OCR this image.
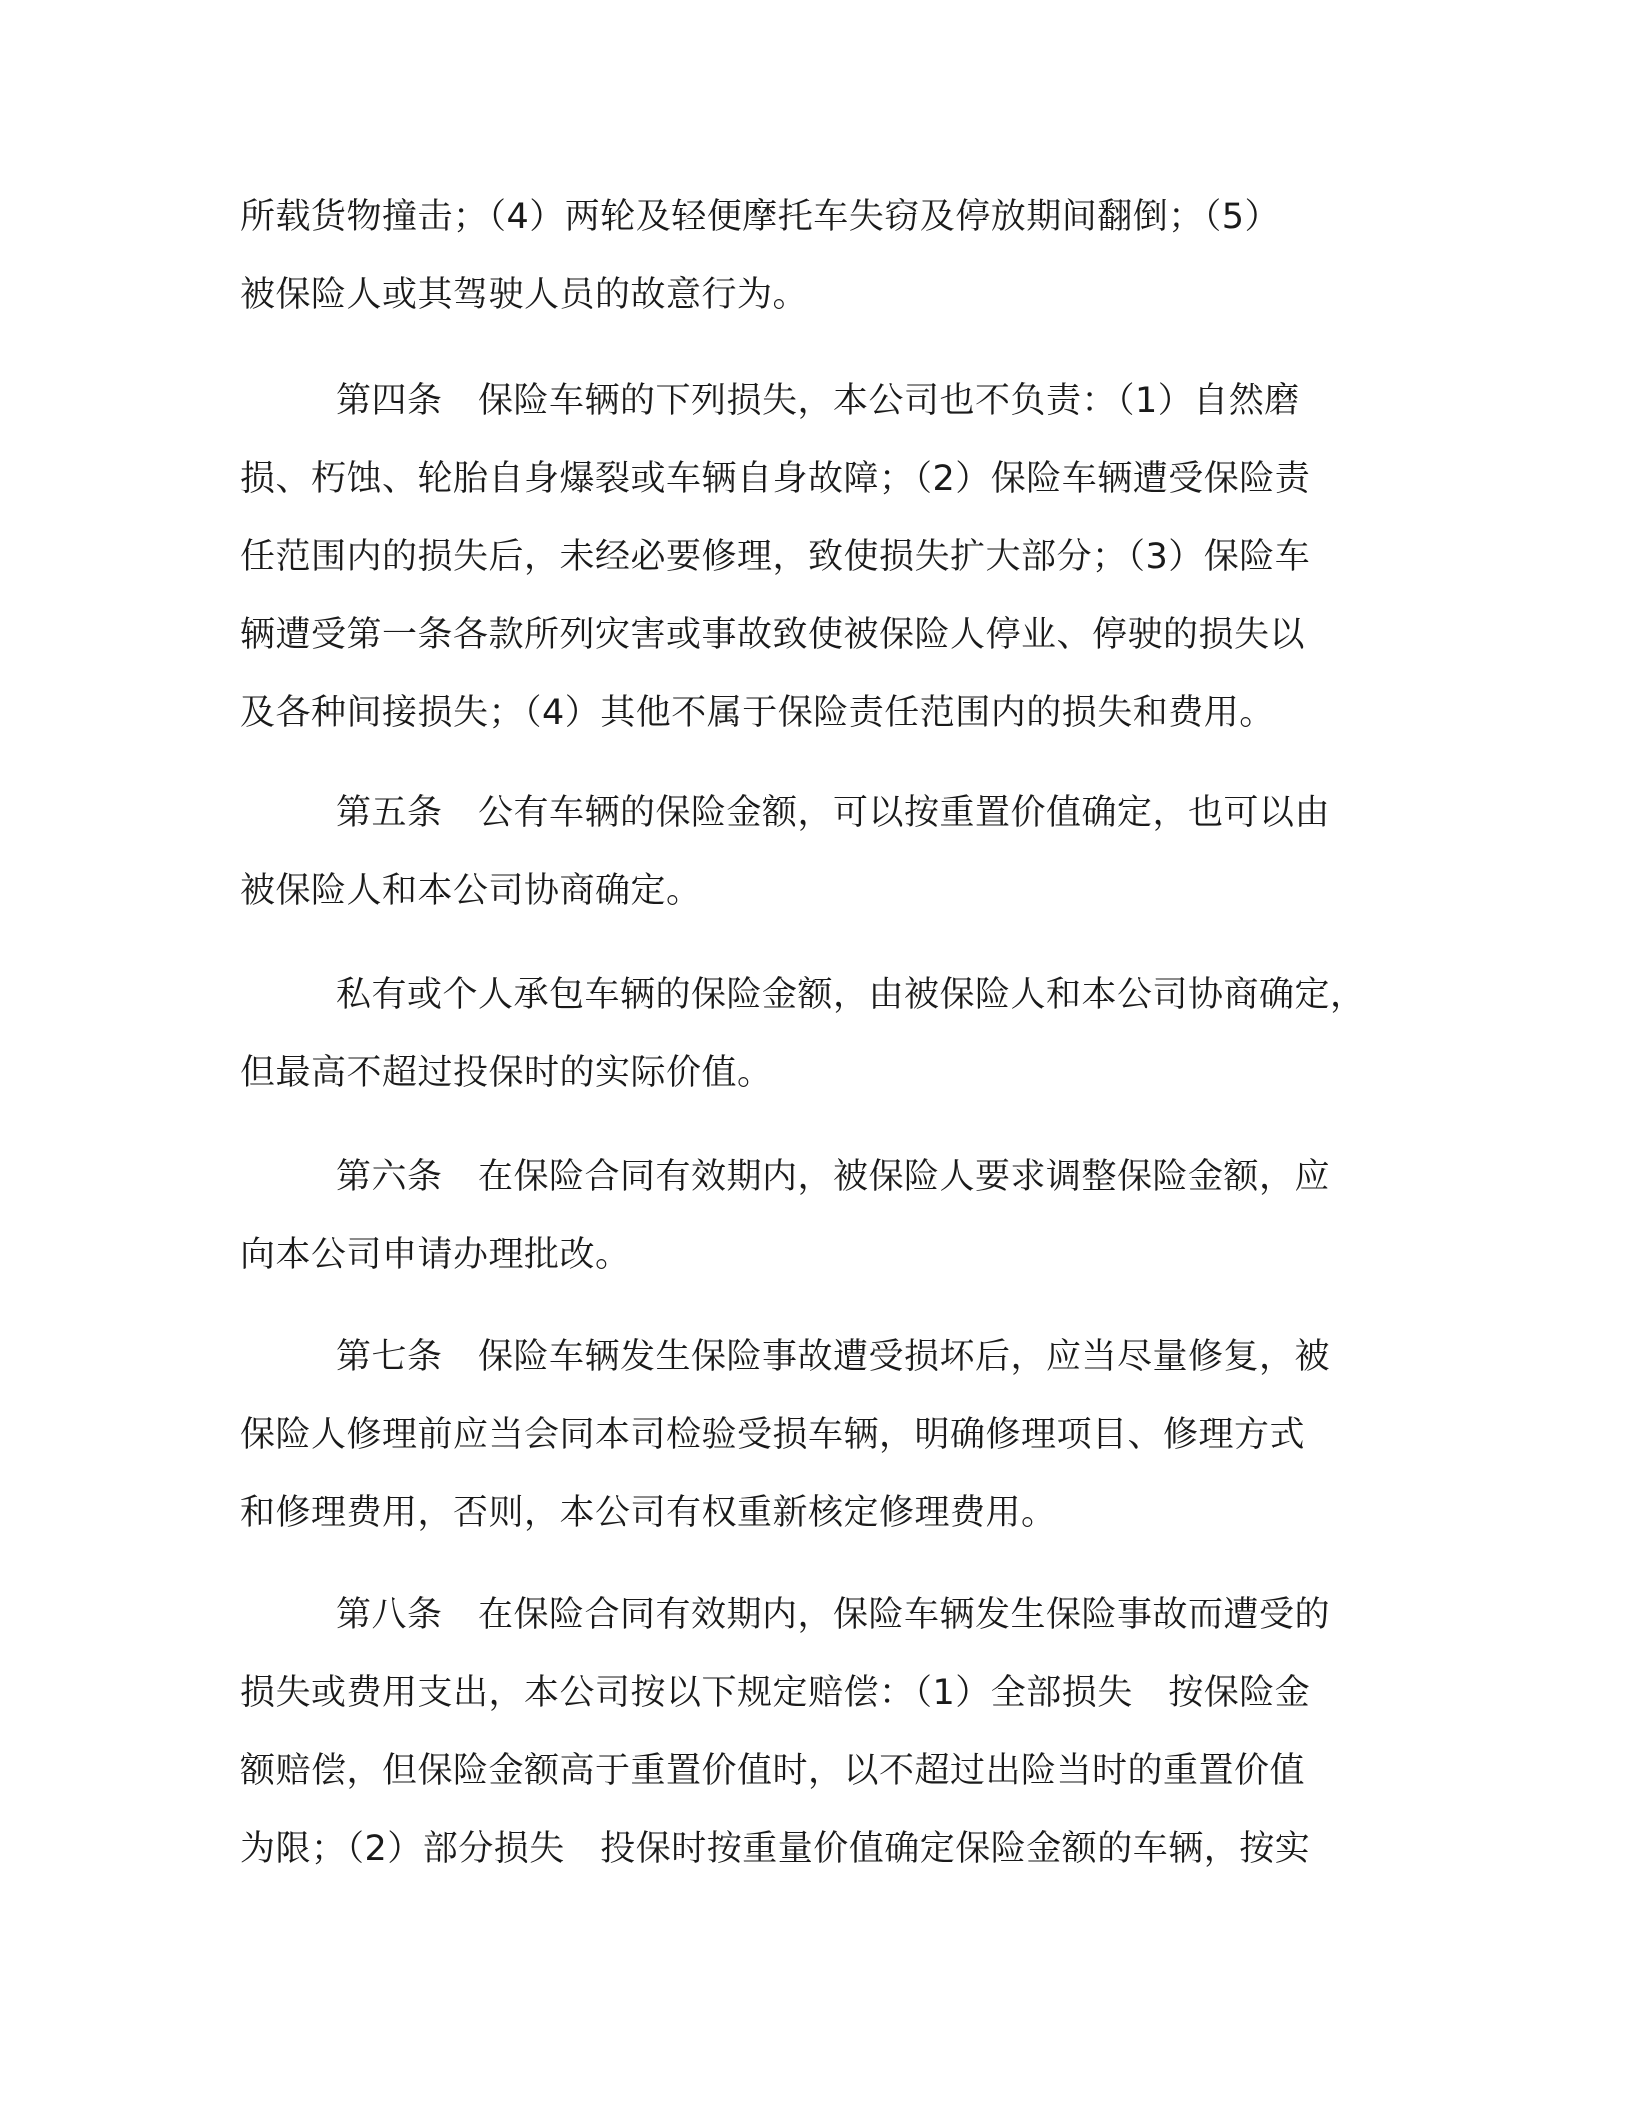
所载货物撞击；（4）两轮及轻便摩托车失窃及停放期间翻倒；（5）
被保险人或其驾驶人员的故意行为。
第四条　保险车辆的下列损失，本公司也不负责：（1）自然磨
损、朽蚀、轮胎自身爆裂或车辆自身故障；（2）保险车辆遭受保险责
任范围内的损失后，未经必要修理，致使损失扩大部分；（3）保险车
辆遭受第一条各款所列灾害或事故致使被保险人停业、停驶的损失以
及各种间接损失；（4）其他不属于保险责任范围内的损失和费用。
第五条　公有车辆的保险金额，可以按重置价值确定，也可以由
被保险人和本公司协商确定。
私有或个人承包车辆的保险金额，由被保险人和本公司协商确定，
但最高不超过投保时的实际价值。
第六条　在保险合同有效期内，被保险人要求调整保险金额，应
向本公司申请办理批改。
第七条　保险车辆发生保险事故遭受损坏后，应当尽量修复，被
保险人修理前应当会同本司检验受损车辆，明确修理项目、修理方式
和修理费用，否则，本公司有权重新核定修理费用。
第八条　在保险合同有效期内，保险车辆发生保险事故而遭受的
损失或费用支出，本公司按以下规定赔偿：（1）全部损失　按保险金
额赔偿，但保险金额高于重置价值时，以不超过出险当时的重置价值
为限；（2）部分损失　投保时按重量价值确定保险金额的车辆，按实
